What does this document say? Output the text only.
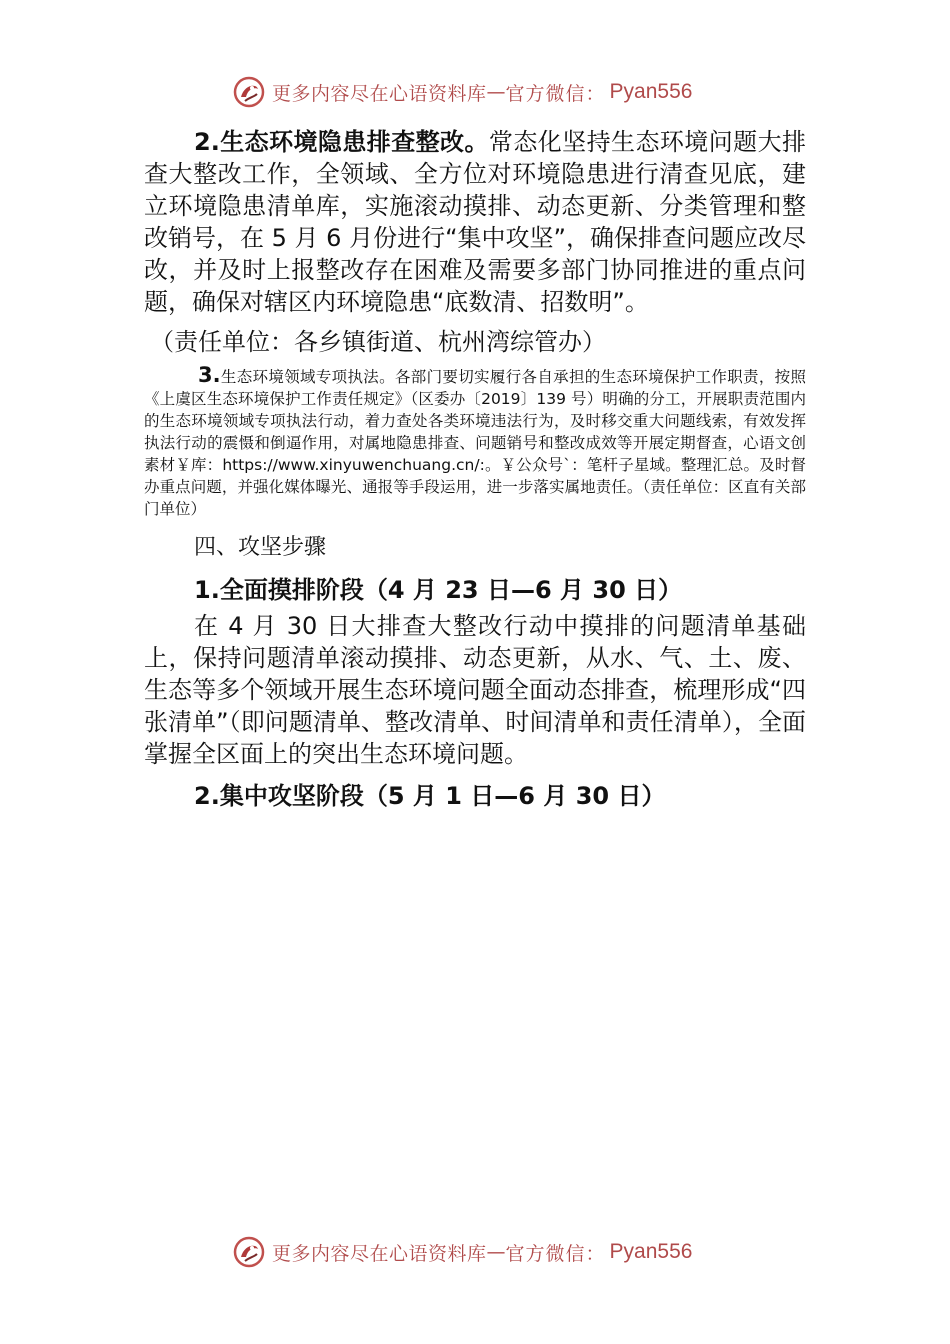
更多内容尽在心语资料库 — 官方微信： Pyan556

2.生态环境隐患排查整改。常态化坚持生态环境问题大排查大整改工作，全领域、全方位对环境隐患进行清查见底，建立环境隐患清单库，实施滚动摸排、动态更新、分类管理和整改销号，在 5 月 6 月份进行“集中攻坚”，确保排查问题应改尽改，并及时上报整改存在困难及需要多部门协同推进的重点问题，确保对辖区内环境隐患“底数清、招数明”。

（责任单位：各乡镇街道、杭州湾综管办）

3.生态环境领域专项执法。各部门要切实履行各自承担的生态环境保护工作职责，按照《上虞区生态环境保护工作责任规定》（区委办〔2019〕139 号）明确的分工，开展职责范围内的生态环境领域专项执法行动，着力查处各类环境违法行为，及时移交重大问题线索，有效发挥执法行动的震慑和倒逼作用，对属地隐患排查、问题销号和整改成效等开展定期督查，心语文创素材￥库：https://www.xinyuwenchuang.cn/:。￥公众号`：笔杆子星域。整理汇总。及时督办重点问题，并强化媒体曝光、通报等手段运用，进一步落实属地责任。（责任单位：区直有关部门单位）

四、攻坚步骤

1.全面摸排阶段（4 月 23 日—6 月 30 日）

在 4 月 30 日大排查大整改行动中摸排的问题清单基础上，保持问题清单滚动摸排、动态更新，从水、气、土、废、生态等多个领域开展生态环境问题全面动态排查，梳理形成“四张清单”（即问题清单、整改清单、时间清单和责任清单），全面掌握全区面上的突出生态环境问题。

2.集中攻坚阶段（5 月 1 日—6 月 30 日）

更多内容尽在心语资料库 — 官方微信： Pyan556
